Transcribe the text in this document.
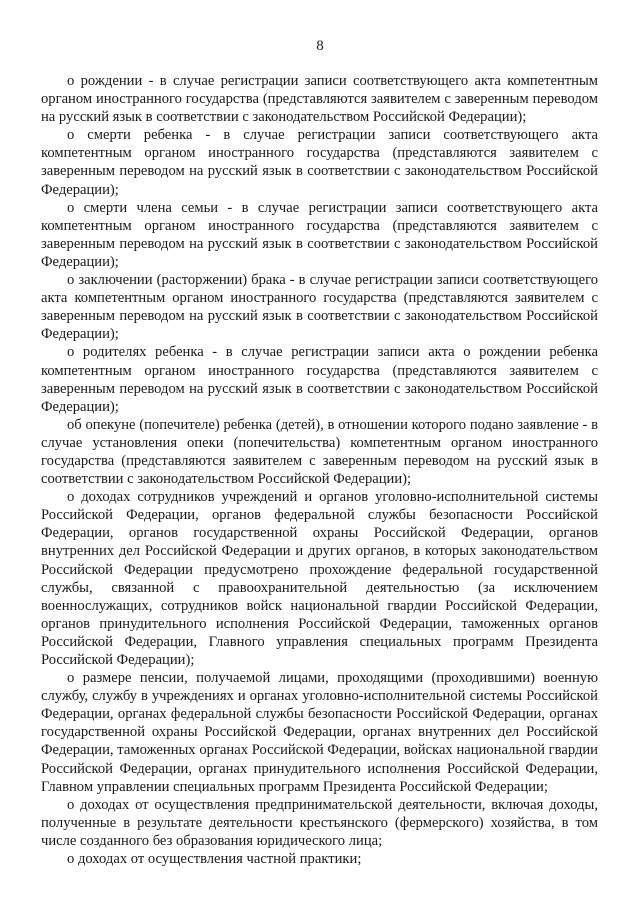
8

о рождении - в случае регистрации записи соответствующего акта компетентным органом иностранного государства (представляются заявителем с заверенным переводом на русский язык в соответствии с законодательством Российской Федерации);

о смерти ребенка - в случае регистрации записи соответствующего акта компетентным органом иностранного государства (представляются заявителем с заверенным переводом на русский язык в соответствии с законодательством Российской Федерации);

о смерти члена семьи - в случае регистрации записи соответствующего акта компетентным органом иностранного государства (представляются заявителем с заверенным переводом на русский язык в соответствии с законодательством Российской Федерации);

о заключении (расторжении) брака - в случае регистрации записи соответствующего акта компетентным органом иностранного государства (представляются заявителем с заверенным переводом на русский язык в соответствии с законодательством Российской Федерации);

о родителях ребенка - в случае регистрации записи акта о рождении ребенка компетентным органом иностранного государства (представляются заявителем с заверенным переводом на русский язык в соответствии с законодательством Российской Федерации);

об опекуне (попечителе) ребенка (детей), в отношении которого подано заявление - в случае установления опеки (попечительства) компетентным органом иностранного государства (представляются заявителем с заверенным переводом на русский язык в соответствии с законодательством Российской Федерации);

о доходах сотрудников учреждений и органов уголовно-исполнительной системы Российской Федерации, органов федеральной службы безопасности Российской Федерации, органов государственной охраны Российской Федерации, органов внутренних дел Российской Федерации и других органов, в которых законодательством Российской Федерации предусмотрено прохождение федеральной государственной службы, связанной с правоохранительной деятельностью (за исключением военнослужащих, сотрудников войск национальной гвардии Российской Федерации, органов принудительного исполнения Российской Федерации, таможенных органов Российской Федерации, Главного управления специальных программ Президента Российской Федерации);

о размере пенсии, получаемой лицами, проходящими (проходившими) военную службу, службу в учреждениях и органах уголовно-исполнительной системы Российской Федерации, органах федеральной службы безопасности Российской Федерации, органах государственной охраны Российской Федерации, органах внутренних дел Российской Федерации, таможенных органах Российской Федерации, войсках национальной гвардии Российской Федерации, органах принудительного исполнения Российской Федерации, Главном управлении специальных программ Президента Российской Федерации;

о доходах от осуществления предпринимательской деятельности, включая доходы, полученные в результате деятельности крестьянского (фермерского) хозяйства, в том числе созданного без образования юридического лица;

о доходах от осуществления частной практики;
